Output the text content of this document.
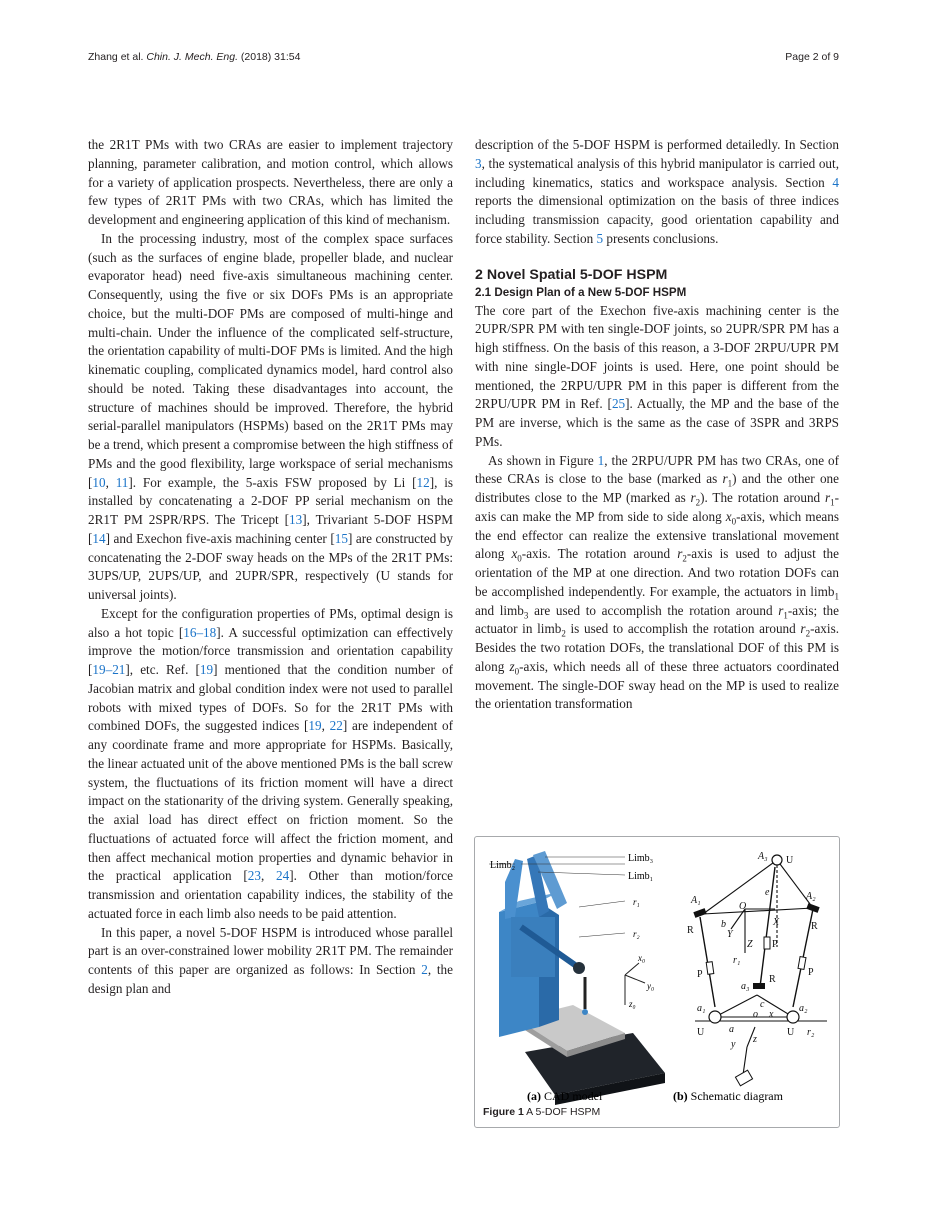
Zhang et al. Chin. J. Mech. Eng. (2018) 31:54	Page 2 of 9

the 2R1T PMs with two CRAs are easier to implement trajectory planning, parameter calibration, and motion control, which allows for a variety of application prospects. Nevertheless, there are only a few types of 2R1T PMs with two CRAs, which has limited the development and engineering application of this kind of mechanism.

In the processing industry, most of the complex space surfaces (such as the surfaces of engine blade, propeller blade, and nuclear evaporator head) need five-axis simultaneous machining center. Consequently, using the five or six DOFs PMs is an appropriate choice, but the multi-DOF PMs are composed of multi-hinge and multi-chain. Under the influence of the complicated self-structure, the orientation capability of multi-DOF PMs is limited. And the high kinematic coupling, complicated dynamics model, hard control also should be noted. Taking these disadvantages into account, the structure of machines should be improved. Therefore, the hybrid serial-parallel manipulators (HSPMs) based on the 2R1T PMs may be a trend, which present a compromise between the high stiffness of PMs and the good flexibility, large workspace of serial mechanisms [10, 11]. For example, the 5-axis FSW proposed by Li [12], is installed by concatenating a 2-DOF PP serial mechanism on the 2R1T PM 2SPR/RPS. The Tricept [13], Trivariant 5-DOF HSPM [14] and Exechon five-axis machining center [15] are constructed by concatenating the 2-DOF sway heads on the MPs of the 2R1T PMs: 3UPS/UP, 2UPS/UP, and 2UPR/SPR, respectively (U stands for universal joints).

Except for the configuration properties of PMs, optimal design is also a hot topic [16–18]. A successful optimization can effectively improve the motion/force transmission and orientation capability [19–21], etc. Ref. [19] mentioned that the condition number of Jacobian matrix and global condition index were not used to parallel robots with mixed types of DOFs. So for the 2R1T PMs with combined DOFs, the suggested indices [19, 22] are independent of any coordinate frame and more appropriate for HSPMs. Basically, the linear actuated unit of the above mentioned PMs is the ball screw system, the fluctuations of its friction moment will have a direct impact on the stationarity of the driving system. Generally speaking, the axial load has direct effect on friction moment. So the fluctuations of actuated force will affect the friction moment, and then affect mechanical motion properties and dynamic behavior in the practical application [23, 24]. Other than motion/force transmission and orientation capability indices, the stability of the actuated force in each limb also needs to be paid attention.

In this paper, a novel 5-DOF HSPM is introduced whose parallel part is an over-constrained lower mobility 2R1T PM. The remainder contents of this paper are organized as follows: In Section 2, the design plan and

description of the 5-DOF HSPM is performed detailedly. In Section 3, the systematical analysis of this hybrid manipulator is carried out, including kinematics, statics and workspace analysis. Section 4 reports the dimensional optimization on the basis of three indices including transmission capacity, good orientation capability and force stability. Section 5 presents conclusions.

2 Novel Spatial 5-DOF HSPM
2.1 Design Plan of a New 5-DOF HSPM

The core part of the Exechon five-axis machining center is the 2UPR/SPR PM with ten single-DOF joints, so 2UPR/SPR PM has a high stiffness. On the basis of this reason, a 3-DOF 2RPU/UPR PM with nine single-DOF joints is used. Here, one point should be mentioned, the 2RPU/UPR PM in this paper is different from the 2RPU/UPR PM in Ref. [25]. Actually, the MP and the base of the PM are inverse, which is the same as the case of 3SPR and 3RPS PMs.

As shown in Figure 1, the 2RPU/UPR PM has two CRAs, one of these CRAs is close to the base (marked as $r_1$) and the other one distributes close to the MP (marked as $r_2$). The rotation around $r_1$-axis can make the MP from side to side along $x_0$-axis, which means the end effector can realize the extensive translational movement along $x_0$-axis. The rotation around $r_2$-axis is used to adjust the orientation of the MP at one direction. And two rotation DOFs can be accomplished independently. For example, the actuators in limb$_1$ and limb$_3$ are used to accomplish the rotation around $r_1$-axis; the actuator in limb$_2$ is used to accomplish the rotation around $r_2$-axis. Besides the two rotation DOFs, the translational DOF of this PM is along $z_0$-axis, which needs all of these three actuators coordinated movement. The single-DOF sway head on the MP is used to realize the orientation transformation

Limb₂
Limb₃
Limb₁
r₁
r₂
x₀
y₀
z₀
A₃ U
e
A₁	A₂
O
R	R
b	X
Y
Z P
r₁
P	P
R
a₃
c
o x
a₁	a₂
U	U r₂
a
y z
(a) CAD model	(b) Schematic diagram
Figure 1 A 5-DOF HSPM
